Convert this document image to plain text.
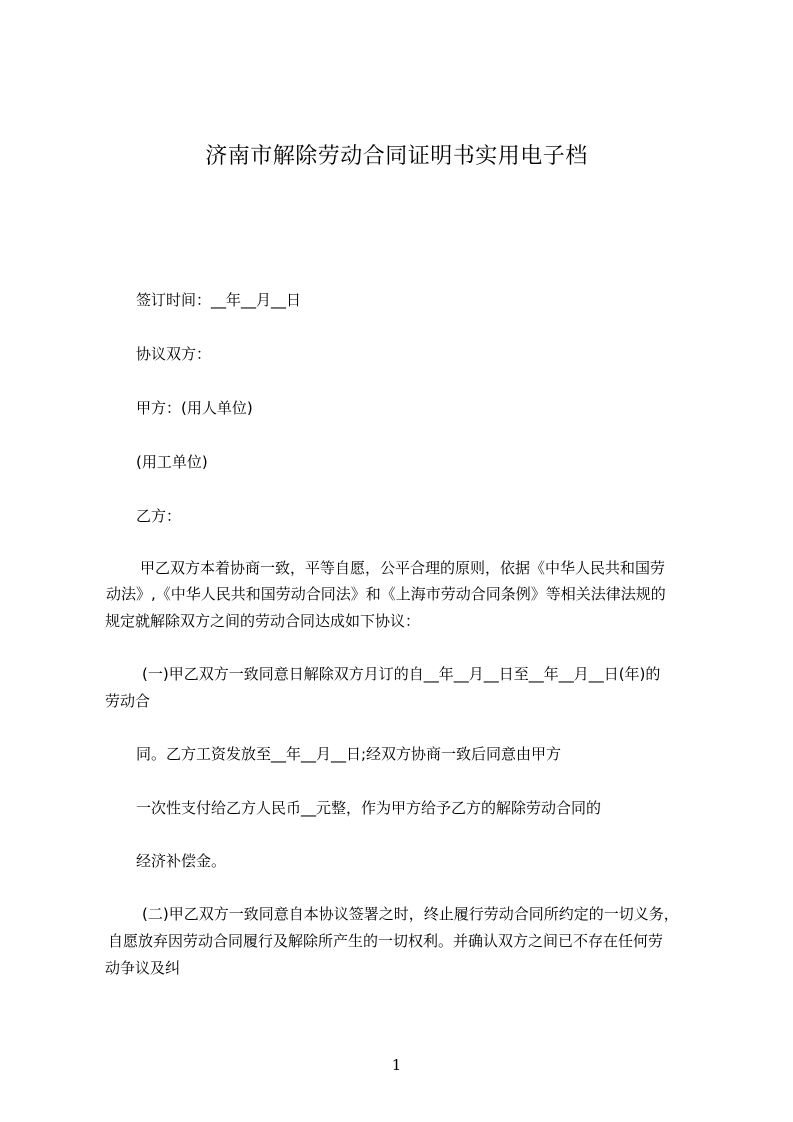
济南市解除劳动合同证明书实用电子档
签订时间：__年__月__日
协议双方：
甲方：(用人单位)
(用工单位)
乙方：
甲乙双方本着协商一致，平等自愿，公平合理的原则，依据《中华人民共和国劳
动法》,《中华人民共和国劳动合同法》和《上海市劳动合同条例》等相关法律法规的
规定就解除双方之间的劳动合同达成如下协议：
(一)甲乙双方一致同意日解除双方月订的自__年__月__日至__年__月__日(年)的
劳动合
同。乙方工资发放至__年__月__日;经双方协商一致后同意由甲方
一次性支付给乙方人民币__元整，作为甲方给予乙方的解除劳动合同的
经济补偿金。
(二)甲乙双方一致同意自本协议签署之时，终止履行劳动合同所约定的一切义务，
自愿放弃因劳动合同履行及解除所产生的一切权利。并确认双方之间已不存在任何劳
动争议及纠
1
